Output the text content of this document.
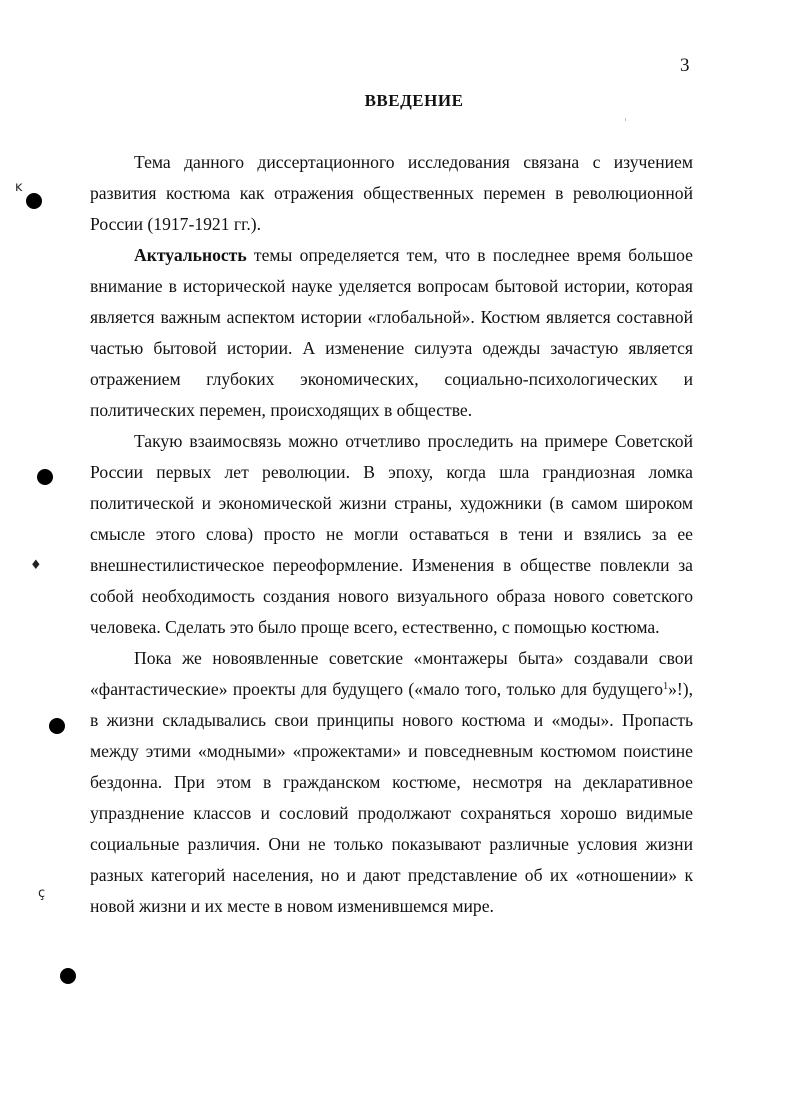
3
ВВЕДЕНИЕ

Тема данного диссертационного исследования связана с изучением развития костюма как отражения общественных перемен в революционной России (1917-1921 гг.).

Актуальность темы определяется тем, что в последнее время большое внимание в исторической науке уделяется вопросам бытовой истории, которая является важным аспектом истории «глобальной». Костюм является составной частью бытовой истории. А изменение силуэта одежды зачастую является отражением глубоких экономических, социально-психологических и политических перемен, происходящих в обществе.

Такую взаимосвязь можно отчетливо проследить на примере Советской России первых лет революции. В эпоху, когда шла грандиозная ломка политической и экономической жизни страны, художники (в самом широком смысле этого слова) просто не могли оставаться в тени и взялись за ее внешнестилистическое переоформление. Изменения в обществе повлекли за собой необходимость создания нового визуального образа нового советского человека. Сделать это было проще всего, естественно, с помощью костюма.

Пока же новоявленные советские «монтажеры быта» создавали свои «фантастические» проекты для будущего («мало того, только для будущего$^1$»!), в жизни складывались свои принципы нового костюма и «моды». Пропасть между этими «модными» «прожектами» и повседневным костюмом поистине бездонна. При этом в гражданском костюме, несмотря на декларативное упразднение классов и сословий продолжают сохраняться хорошо видимые социальные различия. Они не только показывают различные условия жизни разных категорий населения, но и дают представление об их «отношении» к новой жизни и их месте в новом изменившемся мире.

ĸ
♦
ç
